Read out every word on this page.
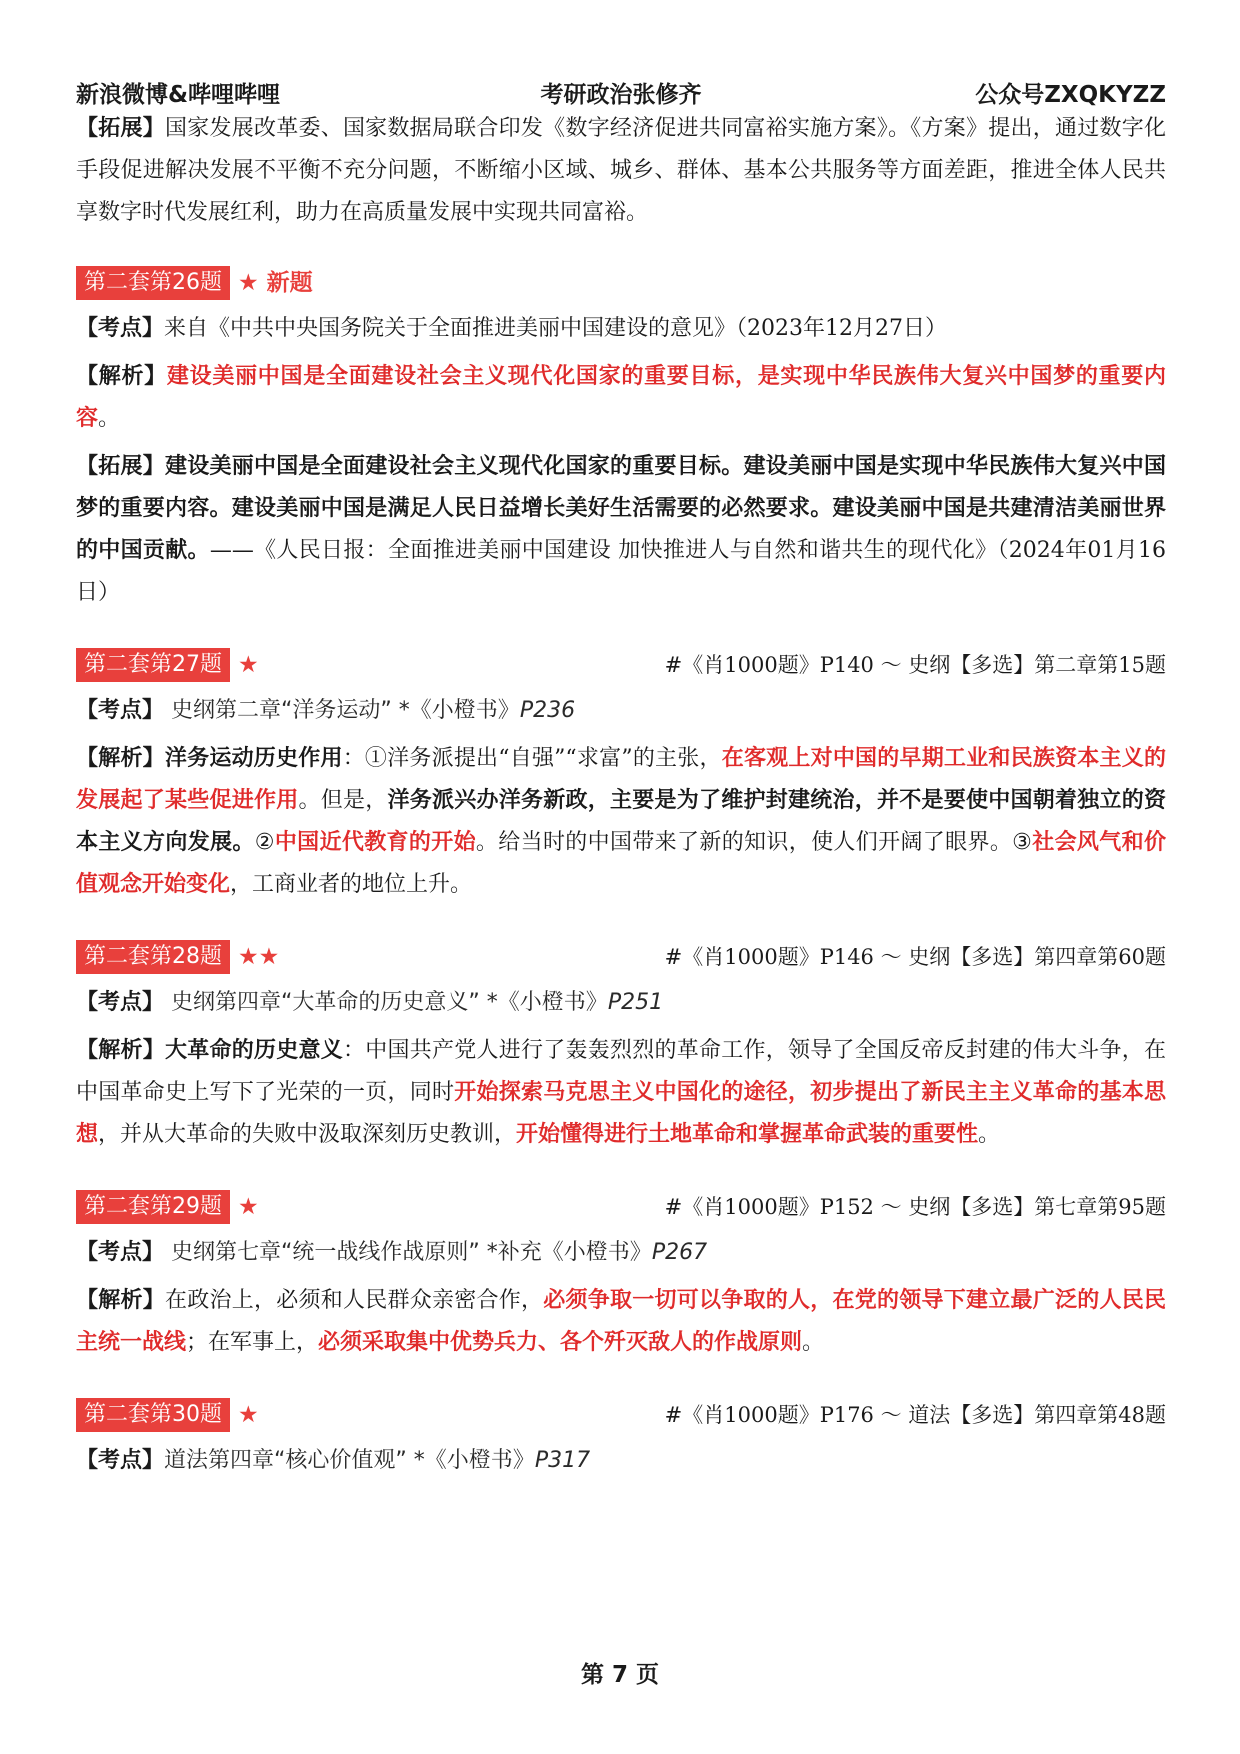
新浪微博&哔哩哔哩	考研政治张修齐	公众号ZXQKYZZ

【拓展】国家发展改革委、国家数据局联合印发《数字经济促进共同富裕实施方案》。《方案》提出，通过数字化手段促进解决发展不平衡不充分问题，不断缩小区域、城乡、群体、基本公共服务等方面差距，推进全体人民共享数字时代发展红利，助力在高质量发展中实现共同富裕。

第二套第26题 ★ 新题

【考点】来自《中共中央国务院关于全面推进美丽中国建设的意见》（2023年12月27日）

【解析】建设美丽中国是全面建设社会主义现代化国家的重要目标，是实现中华民族伟大复兴中国梦的重要内容。

【拓展】建设美丽中国是全面建设社会主义现代化国家的重要目标。建设美丽中国是实现中华民族伟大复兴中国梦的重要内容。建设美丽中国是满足人民日益增长美好生活需要的必然要求。建设美丽中国是共建清洁美丽世界的中国贡献。——《人民日报：全面推进美丽中国建设 加快推进人与自然和谐共生的现代化》（2024年01月16日）

第二套第27题 ★	#《肖1000题》P140 ～ 史纲【多选】第二章第15题

【考点】 史纲第二章“洋务运动” *《小橙书》P236

【解析】洋务运动历史作用：①洋务派提出“自强”“求富”的主张，在客观上对中国的早期工业和民族资本主义的发展起了某些促进作用。但是，洋务派兴办洋务新政，主要是为了维护封建统治，并不是要使中国朝着独立的资本主义方向发展。②中国近代教育的开始。给当时的中国带来了新的知识，使人们开阔了眼界。③社会风气和价值观念开始变化，工商业者的地位上升。

第二套第28题 ★★	#《肖1000题》P146 ～ 史纲【多选】第四章第60题

【考点】 史纲第四章“大革命的历史意义” *《小橙书》P251

【解析】大革命的历史意义：中国共产党人进行了轰轰烈烈的革命工作，领导了全国反帝反封建的伟大斗争，在中国革命史上写下了光荣的一页，同时开始探索马克思主义中国化的途径，初步提出了新民主主义革命的基本思想，并从大革命的失败中汲取深刻历史教训，开始懂得进行土地革命和掌握革命武装的重要性。

第二套第29题 ★	#《肖1000题》P152 ～ 史纲【多选】第七章第95题

【考点】 史纲第七章“统一战线作战原则” *补充《小橙书》P267

【解析】在政治上，必须和人民群众亲密合作，必须争取一切可以争取的人，在党的领导下建立最广泛的人民民主统一战线；在军事上，必须采取集中优势兵力、各个歼灭敌人的作战原则。

第二套第30题 ★	#《肖1000题》P176 ～ 道法【多选】第四章第48题

【考点】道法第四章“核心价值观” *《小橙书》P317

第 7 页
